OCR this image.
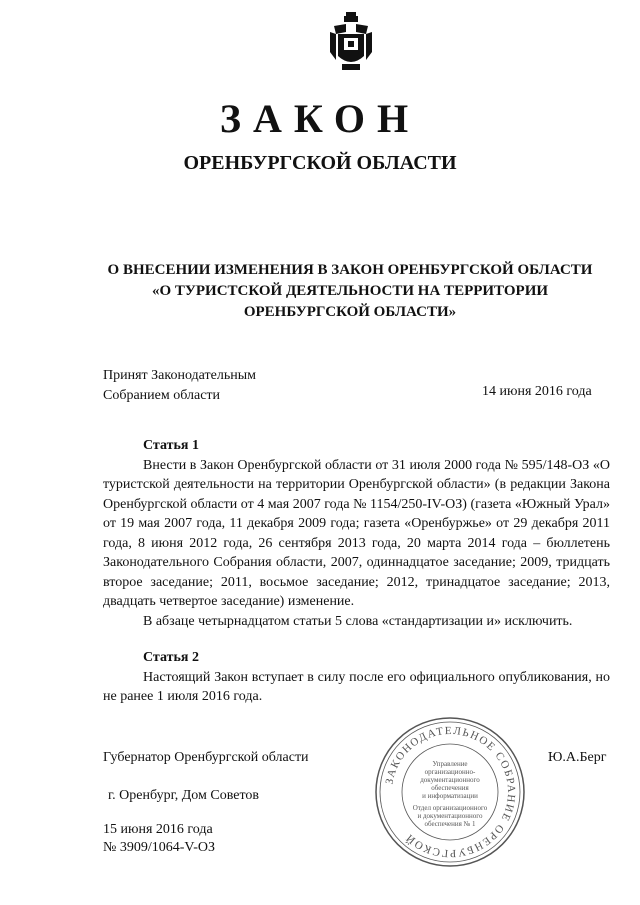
ЗАКОН
ОРЕНБУРГСКОЙ ОБЛАСТИ
О ВНЕСЕНИИ ИЗМЕНЕНИЯ В ЗАКОН ОРЕНБУРГСКОЙ ОБЛАСТИ
«О ТУРИСТСКОЙ ДЕЯТЕЛЬНОСТИ НА ТЕРРИТОРИИ
ОРЕНБУРГСКОЙ ОБЛАСТИ»
Принят Законодательным
Собранием области	14 июня 2016 года
Статья 1

Внести в Закон Оренбургской области от 31 июля 2000 года № 595/148-ОЗ «О туристской деятельности на территории Оренбургской области» (в редакции Закона Оренбургской области от 4 мая 2007 года № 1154/250-IV-ОЗ) (газета «Южный Урал» от 19 мая 2007 года, 11 декабря 2009 года; газета «Оренбуржье» от 29 декабря 2011 года, 8 июня 2012 года, 26 сентября 2013 года, 20 марта 2014 года – бюллетень Законодательного Собрания области, 2007, одиннадцатое заседание; 2009, тридцать второе заседание; 2011, восьмое заседание; 2012, тринадцатое заседание; 2013, двадцать четвертое заседание) изменение.

В абзаце четырнадцатом статьи 5 слова «стандартизации и» исключить.

Статья 2

Настоящий Закон вступает в силу после его официального опубликования, но не ранее 1 июля 2016 года.

Губернатор Оренбургской области	Ю.А.Берг
г. Оренбург, Дом Советов
15 июня 2016 года
№ 3909/1064-V-ОЗ
ЗАКОНОДАТЕЛЬНОЕ СОБРАНИЕ ОРЕНБУРГСКОЙ
Управление
организационно-
документационного
обеспечения
и информатизации
Отдел организационного
и документационного
обеспечения № 1
